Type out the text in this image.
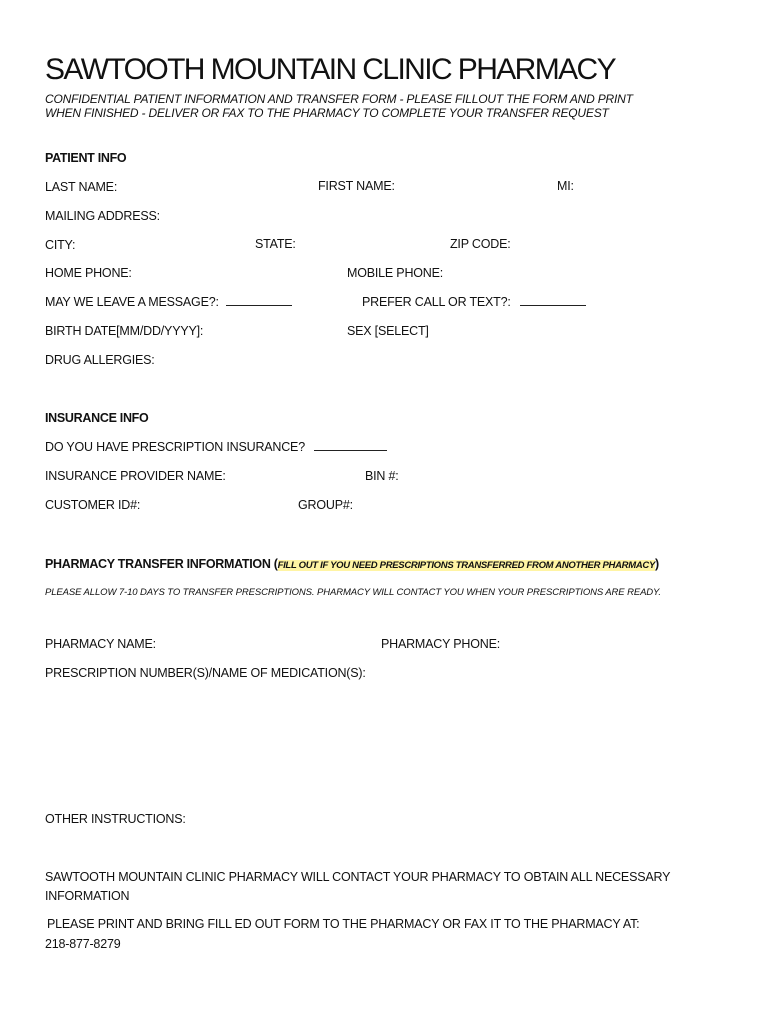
SAWTOOTH MOUNTAIN CLINIC PHARMACY
CONFIDENTIAL PATIENT INFORMATION AND TRANSFER FORM - PLEASE FILLOUT THE FORM AND PRINT
WHEN FINISHED - DELIVER OR FAX TO THE PHARMACY TO COMPLETE YOUR TRANSFER REQUEST
PATIENT INFO
LAST NAME:	FIRST NAME:	MI:
MAILING ADDRESS:
CITY:	STATE:	ZIP CODE:
HOME PHONE:	MOBILE PHONE:
MAY WE LEAVE A MESSAGE?:	PREFER CALL OR TEXT?:
BIRTH DATE[MM/DD/YYYY]:	SEX [SELECT]
DRUG ALLERGIES:
INSURANCE INFO
DO YOU HAVE PRESCRIPTION INSURANCE?
INSURANCE PROVIDER NAME:	BIN #:
CUSTOMER ID#:	GROUP#:
PHARMACY TRANSFER INFORMATION (FILL OUT IF YOU NEED PRESCRIPTIONS TRANSFERRED FROM ANOTHER PHARMACY)
PLEASE ALLOW 7-10 DAYS TO TRANSFER PRESCRIPTIONS. PHARMACY WILL CONTACT YOU WHEN YOUR PRESCRIPTIONS ARE READY.
PHARMACY NAME:	PHARMACY PHONE:
PRESCRIPTION NUMBER(S)/NAME OF MEDICATION(S):
OTHER INSTRUCTIONS:
SAWTOOTH MOUNTAIN CLINIC PHARMACY WILL CONTACT YOUR PHARMACY TO OBTAIN ALL NECESSARY
INFORMATION
PLEASE PRINT AND BRING FILL ED OUT FORM TO THE PHARMACY OR FAX IT TO THE PHARMACY AT:
218-877-8279
